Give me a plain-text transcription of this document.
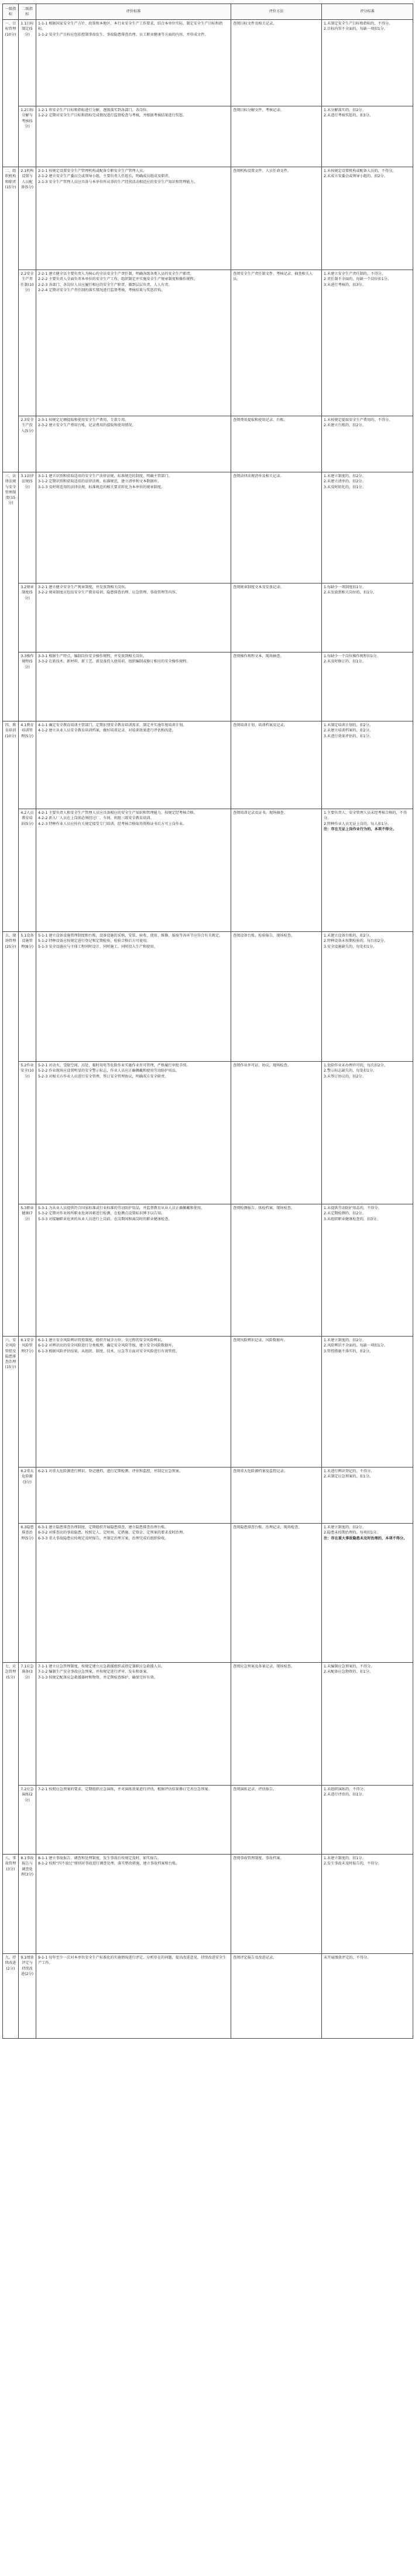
一级指标	二级指标	评价标准	评价方法	评分标准
一、目标管理(10分)	1.1目标制定(5分)	1-1-1 根据国家安全生产方针、政策和本地区、本行业安全生产工作要求，结合本单位实际，制定安全生产目标和指标。
1-1-2 安全生产目标应包括控制事故发生、事故隐患排查治理、员工职业健康等方面的内容，并形成文件。	查阅目标文件及相关记录。	1.未制定安全生产目标和指标的，不得分。
2.目标内容不全面的，每缺一项扣1分。

	1.2目标分解与考核(5分)	1-2-1 将安全生产目标和指标进行分解，逐级落实到各部门、各岗位。
1-2-2 定期对安全生产目标和指标完成情况进行监督检查与考核，并根据考核结果进行奖惩。	查阅目标分解文件、考核记录。	1.未分解落实的，扣2分。
2.未进行考核奖惩的，扣3分。

二、组织机构和职责(15分)	2.1机构设置与人员配备(5分)	2-1-1 按规定设置安全生产管理机构或配备专职安全生产管理人员。
2-1-2 建立安全生产委员会或领导小组，主要负责人任组长，明确成员组成及职责。
2-1-3 安全生产管理人员应具备与本单位所从事的生产经营活动相适应的安全生产知识和管理能力。	查阅机构设置文件、人员任命文件。	1.未按规定设置机构或配备人员的，不得分。
2.未成立安委会或领导小组的，扣2分。

	2.2安全生产责任制(10分)	2-2-1 建立健全以主要负责人为核心的全员安全生产责任制，明确各级各类人员的安全生产职责。
2-2-2 主要负责人全面负责本单位的安全生产工作，组织制定并实施安全生产规章制度和操作规程。
2-2-3 各部门、各岗位人员应履行相应的安全生产职责，做到层层负责、人人有责。
2-2-4 定期对安全生产责任制的落实情况进行监督考核，考核结果与奖惩挂钩。	查阅安全生产责任制文件、考核记录，抽查相关人员。	1.未建立安全生产责任制的，不得分。
2.责任制不全面的，每缺一个岗位扣1分。
3.未进行考核的，扣3分。

	2.3安全生产投入(5分)	2-3-1 按规定足额提取和使用安全生产费用，专款专用。
2-3-2 建立安全生产费用台账，记录费用的提取和使用情况。	查阅费用提取和使用记录、台账。	1.未按规定提取安全生产费用的，不得分。
2.未建立台账的，扣2分。

三、法律法规与安全管理制度(15分)	3.1法律法规(5分)	3-1-1 建立识别和获取适用的安全生产法律法规、标准规范的制度，明确主管部门。
3-1-2 定期识别和获取适用的法律法规、标准规范，建立清单和文本数据库。
3-1-3 及时将适用的法律法规、标准规范的相关要求转化为本单位的规章制度。	查阅法律法规清单及相关记录。	1.未建立制度的，扣2分。
2.未建立清单的，扣2分。
3.未及时转化的，扣1分。

	3.2规章制度(5分)	3-2-1 建立健全安全生产规章制度，并发放到相关岗位。
3-2-2 规章制度应包括安全生产教育培训、隐患排查治理、应急管理、事故管理等内容。	查阅规章制度文本及发放记录。	1.每缺少一项制度扣1分。
2.未发放到相关岗位的，扣1分。

	3.3操作规程(5分)	3-3-1 根据生产特点，编制岗位安全操作规程，并发放到相关岗位。
3-3-2 在新技术、新材料、新工艺、新设备投入使用前，组织编制或修订相应的安全操作规程。	查阅操作规程文本，现场抽查。	1.每缺少一个岗位操作规程扣1分。
2.未及时修订的，扣1分。

四、教育培训(10分)	4.1教育培训管理(5分)	4-1-1 确定安全教育培训主管部门，定期识别安全教育培训需求，制定并实施年度培训计划。
4-1-2 建立从业人员安全教育培训档案，做好培训记录，对培训效果进行评估和改进。	查阅培训计划、培训档案及记录。	1.未制定培训计划的，扣2分。
2.未建立培训档案的，扣2分。
3.未进行效果评估的，扣1分。

	4.2人员教育培训(5分)	4-2-1 主要负责人和安全生产管理人员应具备相应的安全生产知识和管理能力，按规定经考核合格。
4-2-2 新入厂人员在上岗前必须经过厂、车间、班组三级安全教育培训。
4-2-3 特种作业人员应按有关规定接受专门培训，经考核合格取得资格证书后方可上岗作业。	查阅培训记录及证书，现场抽查。	1.主要负责人、安全管理人员未经考核合格的，不得分。
2.特种作业人员无证上岗的，每人扣1分。
注：存在无证上岗作业行为的，本项不得分。

五、现场管理(25分)	5.1设备设施管理(8分)	5-1-1 建立设备设施管理制度和台账，设备设施的采购、安装、验收、使用、维修、报废等各环节应符合有关规定。
5-1-2 特种设备应按规定进行登记和定期检验，检验合格后方可使用。
5-1-3 安全设施应与主体工程同时设计、同时施工、同时投入生产和使用。	查阅设备台账、检验报告，现场检查。	1.未建立设备台账的，扣2分。
2.特种设备未按期检验的，每台扣2分。
3.安全设施缺失的，每处扣1分。

	5.2作业安全(10分)	5-2-1 对动火、受限空间、高处、临时用电等危险作业实施作业许可管理，严格履行审批手续。
5-2-2 作业现场应设置明显的安全警示标志，作业人员应正确佩戴和使用劳动防护用品。
5-2-3 对相关方作业人员进行安全管理，签订安全管理协议，明确双方安全职责。	查阅作业许可证、协议，现场检查。	1.危险作业未办理许可的，每次扣2分。
2.警示标志缺失的，每处扣1分。
3.未签订协议的，扣2分。

	5.3职业健康(7分)	5-3-1 为从业人员提供符合国家标准或行业标准的劳动防护用品，并监督教育从业人员正确佩戴和使用。
5-3-2 定期对作业场所职业危害因素进行检测，在检测点设置标识牌予以告知。
5-3-3 对接触职业危害的从业人员进行上岗前、在岗期间和离岗时的职业健康检查。	查阅检测报告、体检档案，现场检查。	1.未提供劳动防护用品的，不得分。
2.未定期检测的，扣2分。
3.未组织职业健康检查的，扣3分。

六、安全风险管控及隐患排查治理(15分)	6.1安全风险管理(7分)	6-1-1 建立安全风险辨识管控制度，组织开展全方位、全过程的安全风险辨识。
6-1-2 对辨识出的安全风险进行分类梳理，确定安全风险等级，建立安全风险数据库。
6-1-3 根据风险评估结果，从组织、制度、技术、应急等方面对安全风险进行有效管控。	查阅风险辨识记录、风险数据库。	1.未建立制度的，扣2分。
2.风险辨识不全面的，每缺一项扣1分。
3.管控措施不落实的，扣2分。

	6.2重大危险源(3分)	6-2-1 对重大危险源进行辨识、登记建档，进行定期检测、评估和监控，并制定应急预案。	查阅重大危险源档案及监控记录。	1.未进行辨识登记的，不得分。
2.未制定应急预案的，扣1分。

	6.3隐患排查治理(5分)	6-3-1 建立隐患排查治理制度，定期组织开展隐患排查，建立隐患排查治理台账。
6-3-2 对排查出的事故隐患，按照定人、定时间、定措施、定资金、定预案的要求及时治理。
6-3-3 重大事故隐患应按规定及时报告，并制定治理方案，治理完成后组织验收。	查阅隐患排查台账、治理记录，现场检查。	1.未建立制度的，扣2分。
2.隐患未按期治理的，每项扣1分。
注：存在重大事故隐患未及时治理的，本项不得分。

七、应急管理(5分)	7.1应急准备(3分)	7-1-1 建立应急管理制度，按规定建立应急救援组织或指定兼职应急救援人员。
7-1-2 编制生产安全事故应急预案，并按规定进行评审、发布和备案。
7-1-3 按规定配备应急救援器材和物资，并定期检查维护，确保完好有效。	查阅应急预案及备案记录，现场检查。	1.未编制应急预案的，不得分。
2.未配备应急物资的，扣1分。

	7.2应急演练(2分)	7-2-1 按照应急预案的要求，定期组织应急演练，并对演练效果进行评估，根据评估结果修订完善应急预案。	查阅演练记录、评估报告。	1.未组织演练的，不得分。
2.未进行评估的，扣1分。

八、事故管理(3分)	8.1事故报告与调查处理(3分)	8-1-1 建立事故报告、调查和处理制度，发生事故后按规定及时、如实报告。
8-1-2 按照“四不放过”原则对事故进行调查处理，落实整改措施，建立事故档案和台账。	查阅事故管理制度、事故档案。	1.未建立制度的，扣1分。
2.发生事故未及时报告的，不得分。

九、持续改进(2分)	9.1绩效评定与持续改进(2分)	9-1-1 每年至少一次对本单位安全生产标准化的实施情况进行评定，分析存在的问题，提出改进意见，持续改进安全生产工作。	查阅评定报告及改进记录。	未开展绩效评定的，不得分。
